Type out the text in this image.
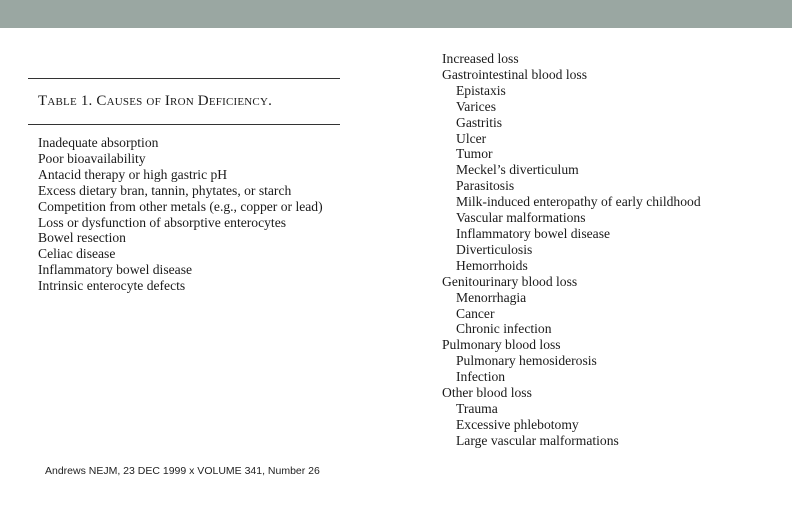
Table 1. Causes of Iron Deficiency.
Inadequate absorption
Poor bioavailability
Antacid therapy or high gastric pH
Excess dietary bran, tannin, phytates, or starch
Competition from other metals (e.g., copper or lead)
Loss or dysfunction of absorptive enterocytes
Bowel resection
Celiac disease
Inflammatory bowel disease
Intrinsic enterocyte defects
Increased loss
Gastrointestinal blood loss
Epistaxis
Varices
Gastritis
Ulcer
Tumor
Meckel’s diverticulum
Parasitosis
Milk-induced enteropathy of early childhood
Vascular malformations
Inflammatory bowel disease
Diverticulosis
Hemorrhoids
Genitourinary blood loss
Menorrhagia
Cancer
Chronic infection
Pulmonary blood loss
Pulmonary hemosiderosis
Infection
Other blood loss
Trauma
Excessive phlebotomy
Large vascular malformations
Andrews NEJM, 23 DEC 1999 x VOLUME 341, Number 26
